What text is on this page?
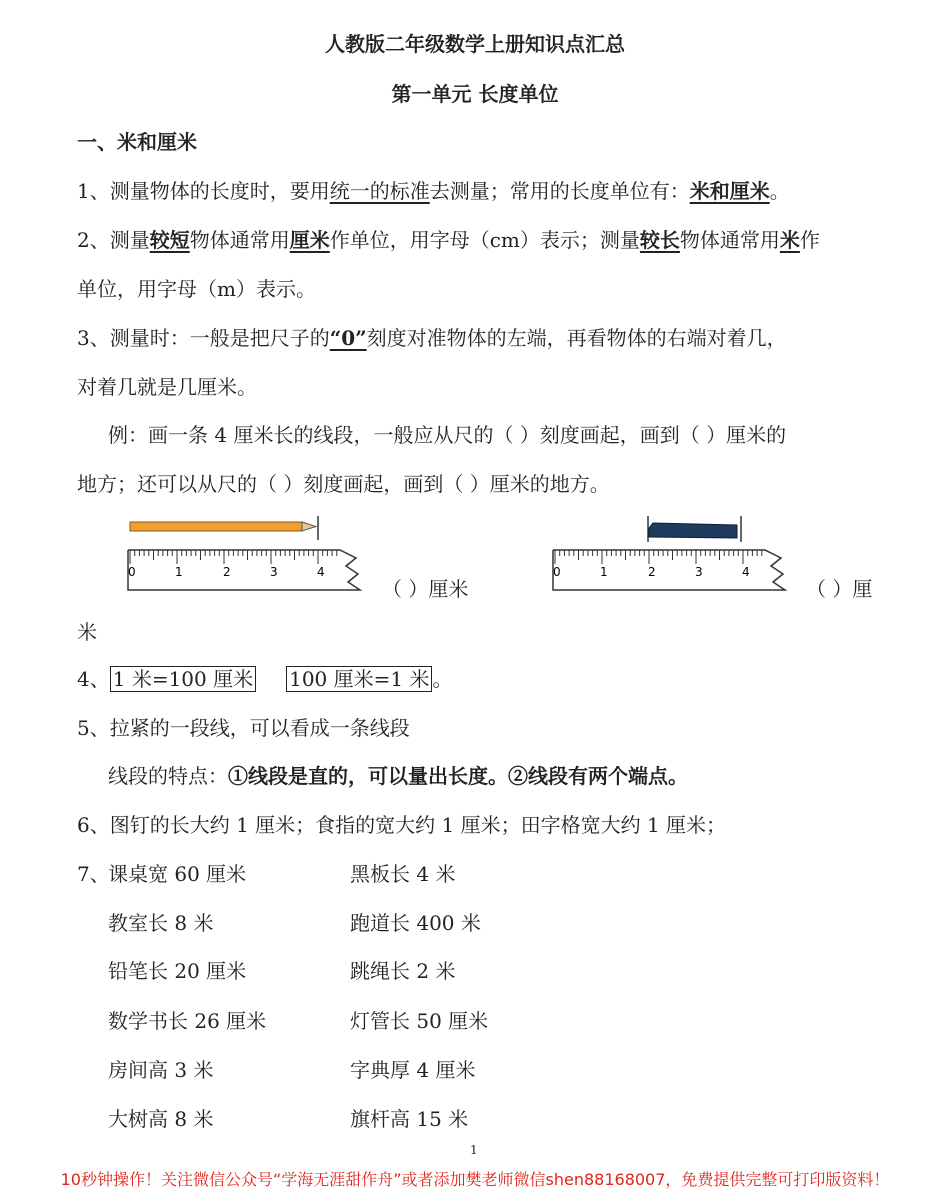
人教版二年级数学上册知识点汇总
第一单元 长度单位
一、米和厘米
1、测量物体的长度时，要用统一的标准去测量；常用的长度单位有：米和厘米。
2、测量较短物体通常用厘米作单位，用字母（cm）表示；测量较长物体通常用米作
单位，用字母（m）表示。
3、测量时：一般是把尺子的“0”刻度对准物体的左端，再看物体的右端对着几，
对着几就是几厘米。
例：画一条 4 厘米长的线段，一般应从尺的（ ）刻度画起，画到（ ）厘米的
地方；还可以从尺的（ ）刻度画起，画到（ ）厘米的地方。
0	1	2	3	4
（ ）厘米
0	1	2	3	4
（ ）厘
米
4、 1 米=100 厘米 100 厘米=1 米 。
5、拉紧的一段线，可以看成一条线段
线段的特点：①线段是直的，可以量出长度。②线段有两个端点。
6、图钉的长大约 1 厘米；食指的宽大约 1 厘米；田字格宽大约 1 厘米；
7、
课桌宽 60 厘米	黑板长 4 米
教室长 8 米	跑道长 400 米
铅笔长 20 厘米	跳绳长 2 米
数学书长 26 厘米	灯管长 50 厘米
房间高 3 米	字典厚 4 厘米
大树高 8 米	旗杆高 15 米
1
10秒钟操作！关注微信公众号“学海无涯甜作舟”或者添加樊老师微信shen88168007，免费提供完整可打印版资料！
